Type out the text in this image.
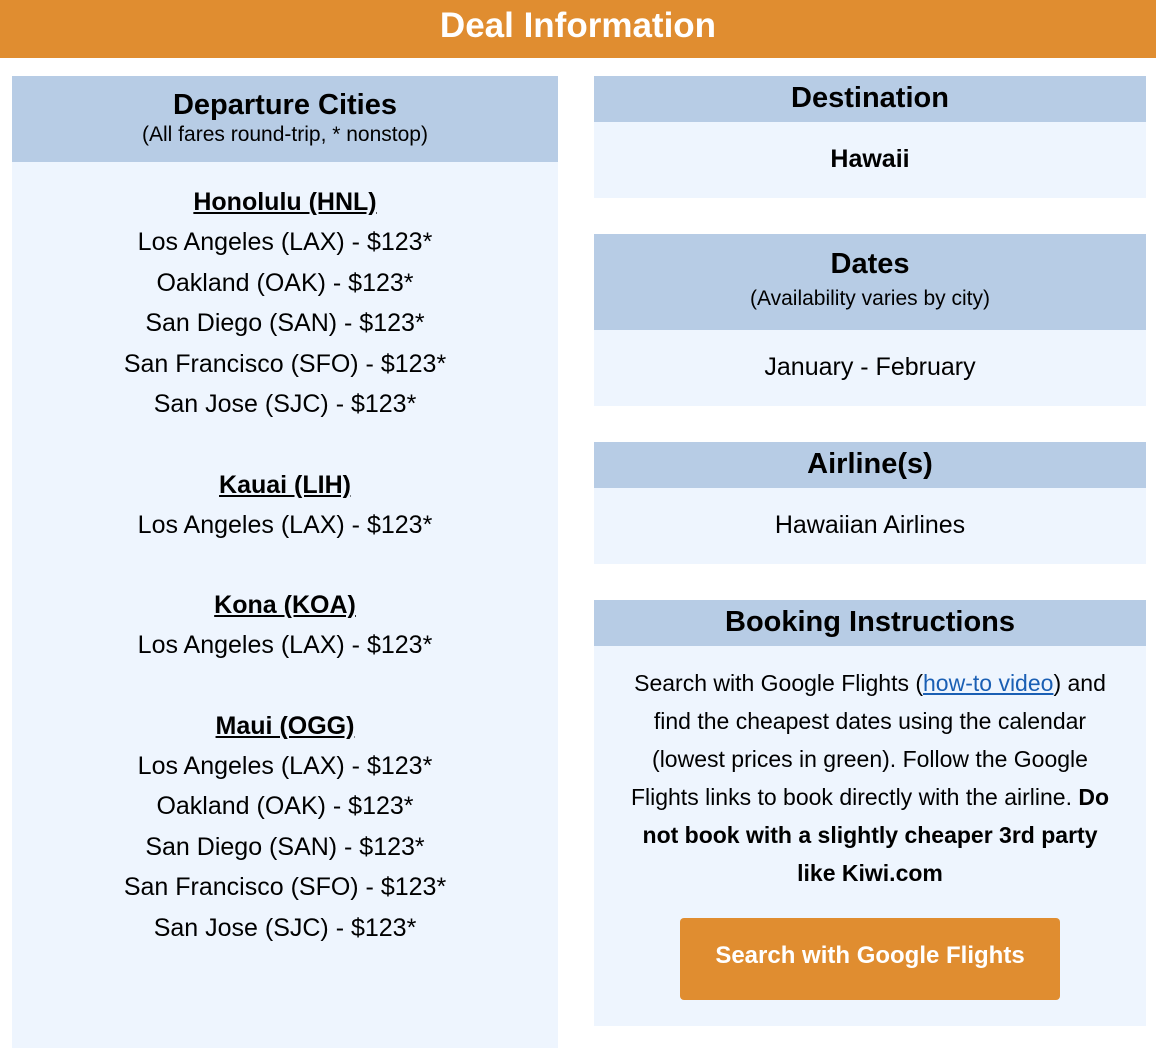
Deal Information
Departure Cities
(All fares round-trip, * nonstop)
Honolulu (HNL)
Los Angeles (LAX) - $123*
Oakland (OAK) - $123*
San Diego (SAN) - $123*
San Francisco (SFO) - $123*
San Jose (SJC) - $123*
Kauai (LIH)
Los Angeles (LAX) - $123*
Kona (KOA)
Los Angeles (LAX) - $123*
Maui (OGG)
Los Angeles (LAX) - $123*
Oakland (OAK) - $123*
San Diego (SAN) - $123*
San Francisco (SFO) - $123*
San Jose (SJC) - $123*
Destination
Hawaii
Dates
(Availability varies by city)
January - February
Airline(s)
Hawaiian Airlines
Booking Instructions
Search with Google Flights (how-to video) and find the cheapest dates using the calendar (lowest prices in green). Follow the Google Flights links to book directly with the airline. Do not book with a slightly cheaper 3rd party like Kiwi.com
Search with Google Flights
